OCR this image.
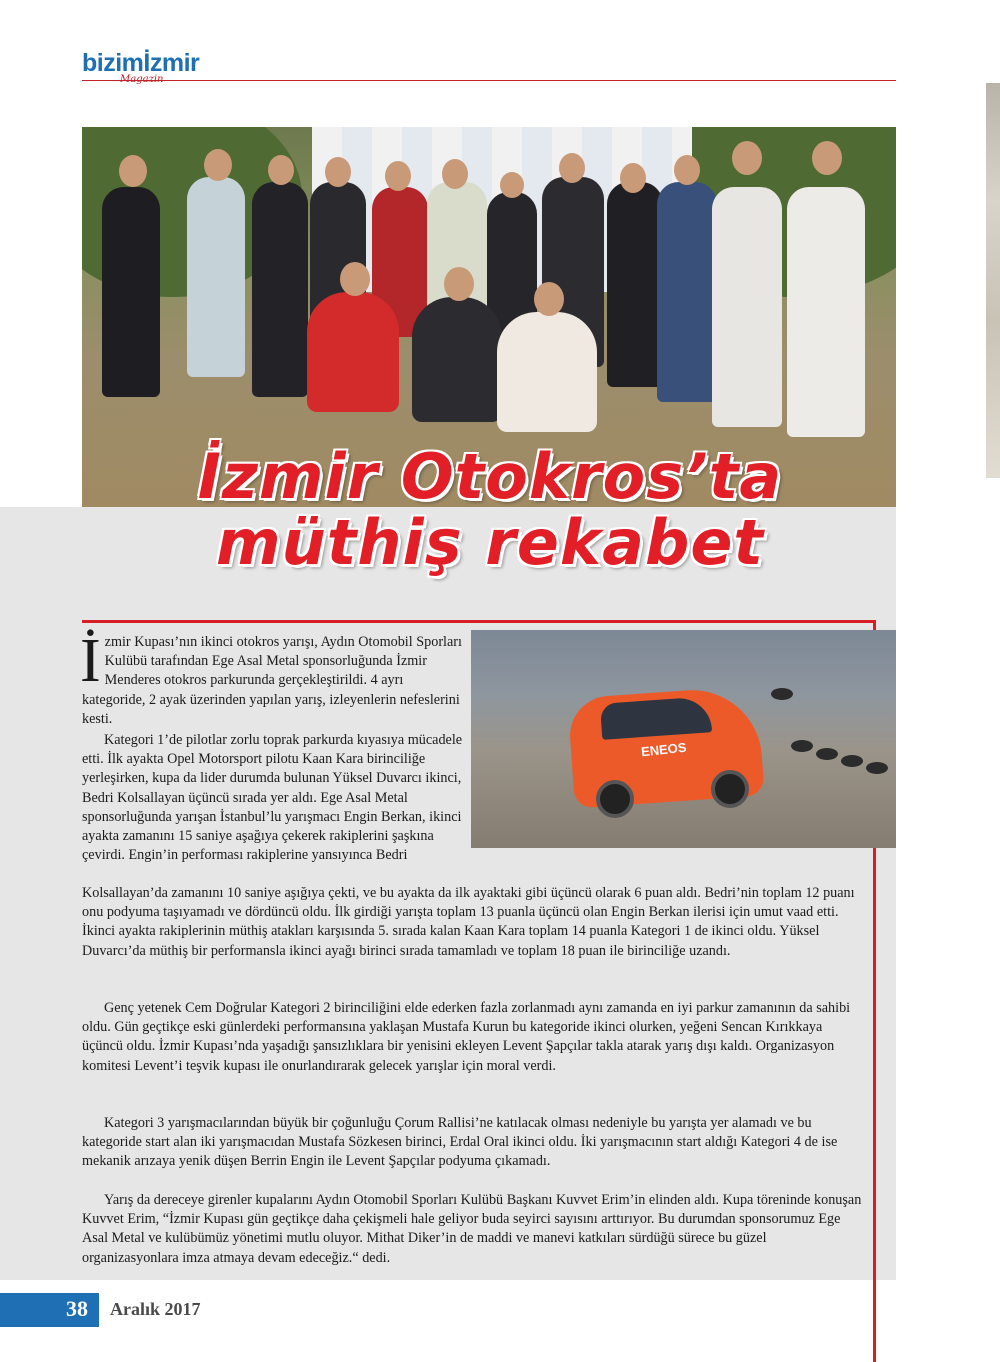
bizimİzmir
İzmir Otokros’ta
müthiş rekabet
ENEOS
İzmir Kupası’nın ikinci otokros yarışı, Aydın Otomobil Sporları Kulübü tarafından Ege Asal Metal sponsorluğunda İzmir Menderes otokros parkurunda gerçekleştirildi. 4 ayrı kategoride, 2 ayak üzerinden yapılan yarış, izleyenlerin nefeslerini kesti.
Kategori 1’de pilotlar zorlu toprak parkurda kıyasıya mücadele etti. İlk ayakta Opel Motorsport pilotu Kaan Kara birinciliğe yerleşirken, kupa da lider durumda bulunan Yüksel Duvarcı ikinci, Bedri Kolsallayan üçüncü sırada yer aldı. Ege Asal Metal sponsorluğunda yarışan İstanbul’lu yarışmacı Engin Berkan, ikinci ayakta zamanını 15 saniye aşağıya çekerek rakiplerini şaşkına çevirdi. Engin’in performası rakiplerine yansıyınca Bedri
Kolsallayan’da zamanını 10 saniye aşığıya çekti, ve bu ayakta da ilk ayaktaki gibi üçüncü olarak 6 puan aldı. Bedri’nin toplam 12 puanı onu podyuma taşıyamadı ve dördüncü oldu. İlk girdiği yarışta toplam 13 puanla üçüncü olan Engin Berkan ilerisi için umut vaad etti. İkinci ayakta rakiplerinin müthiş atakları karşısında 5. sırada kalan Kaan Kara toplam 14 puanla Kategori 1 de ikinci oldu. Yüksel Duvarcı’da müthiş bir performansla ikinci ayağı birinci sırada tamamladı ve toplam 18 puan ile birinciliğe uzandı.
Genç yetenek Cem Doğrular Kategori 2 birinciliğini elde ederken fazla zorlanmadı aynı zamanda en iyi parkur zamanının da sahibi oldu. Gün geçtikçe eski günlerdeki performansına yaklaşan Mustafa Kurun bu kategoride ikinci olurken, yeğeni Sencan Kırıkkaya üçüncü oldu. İzmir Kupası’nda yaşadığı şansızlıklara bir yenisini ekleyen Levent Şapçılar takla atarak yarış dışı kaldı. Organizasyon komitesi Levent’i teşvik kupası ile onurlandırarak gelecek yarışlar için moral verdi.
Kategori 3 yarışmacılarından büyük bir çoğunluğu Çorum Rallisi’ne katılacak olması nedeniyle bu yarışta yer alamadı ve bu kategoride start alan iki yarışmacıdan Mustafa Sözkesen birinci, Erdal Oral ikinci oldu. İki yarışmacının start aldığı Kategori 4 de ise mekanik arızaya yenik düşen Berrin Engin ile Levent Şapçılar podyuma çıkamadı.
Yarış da dereceye girenler kupalarını Aydın Otomobil Sporları Kulübü Başkanı Kuvvet Erim’in elinden aldı. Kupa töreninde konuşan Kuvvet Erim, “İzmir Kupası gün geçtikçe daha çekişmeli hale geliyor buda seyirci sayısını arttırıyor. Bu durumdan sponsorumuz Ege Asal Metal ve kulübümüz yönetimi mutlu oluyor. Mithat Diker’in de maddi ve manevi katkıları sürdüğü sürece bu güzel organizasyonlara imza atmaya devam edeceğiz.“ dedi.
38 Aralık 2017
